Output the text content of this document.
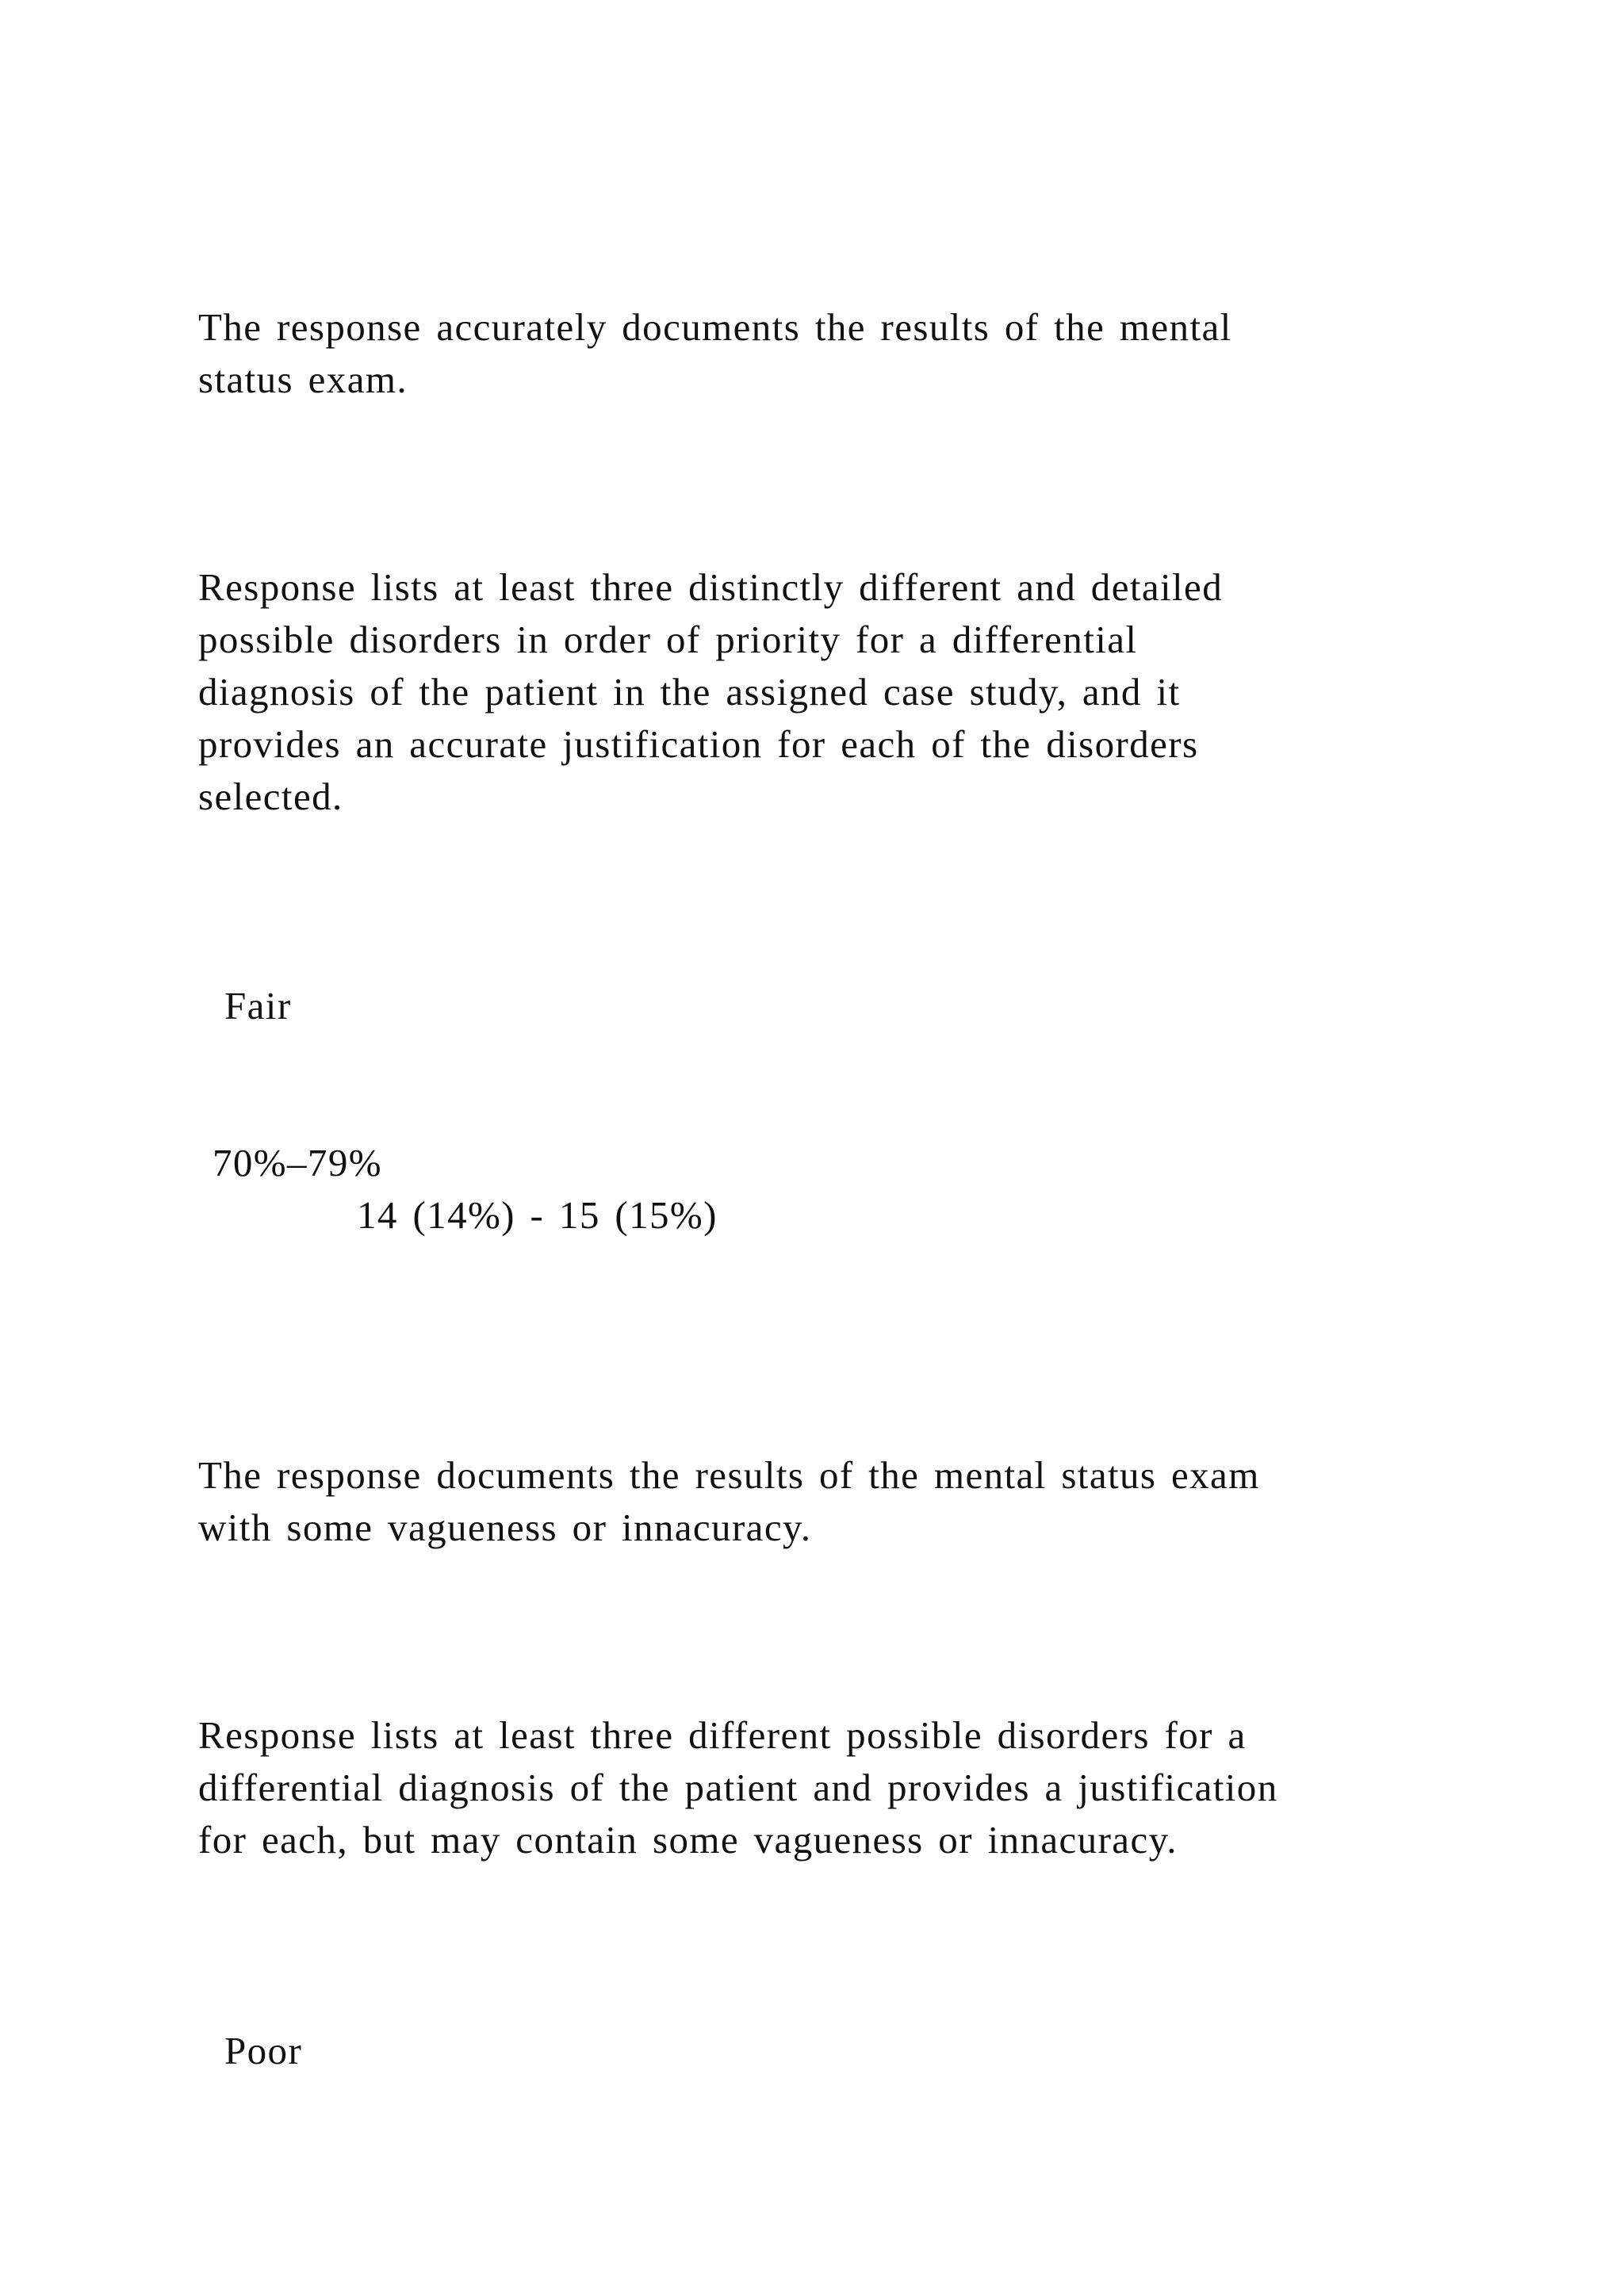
The response accurately documents the results of the mental

status exam.

Response lists at least three distinctly different and detailed

possible disorders in order of priority for a differential

diagnosis of the patient in the assigned case study, and it

provides an accurate justification for each of the disorders

selected.

Fair

70%–79%

14 (14%) - 15 (15%)

The response documents the results of the mental status exam

with some vagueness or innacuracy.

Response lists at least three different possible disorders for a

differential diagnosis of the patient and provides a justification

for each, but may contain some vagueness or innacuracy.

Poor
